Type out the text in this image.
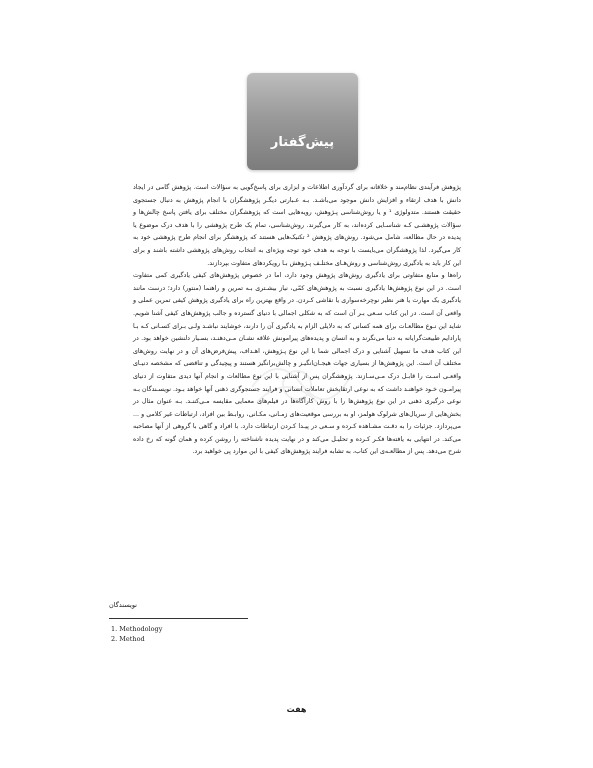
پیش‌گفتار

پژوهش فرآیندی نظام‌مند و خلاقانه برای گردآوری اطلاعات و ابزاری برای پاسخ‌گویی به سؤالات است. پژوهش گامی در ایجاد دانش با هدف ارتقاء و افزایش دانش موجود می‌باشـد. بـه عـبارتی دیگـر پژوهشگران با انجام پژوهش به دنبال جستجوی حقیقت هستند. متدولوژی ¹ و یا روش‌شناسی پـژوهش، رویه‌هایی است که پژوهشگران مختلف برای یافتن پاسخ چالش‌ها و سؤالات پژوهشـی کـه شناسـایی کرده‌اند، به کار می‌گیرند. روش‌شناسی، تمام یک طرح پژوهشی را با هدف درک موضوع یا پدیده در حال مطالعه، شامل می‌شود. روش‌های پژوهش ² تکنیک‌هایی هستند که پژوهشگر برای انجام طرح پژوهشی خود به کار می‌گیرد. لذا پژوهشگران می‌بایست با توجه به هدف خود توجه ویژه‌ای به انتخاب روش‌های پژوهشی داشته باشند و برای این کار باید به یادگیری روش‌شناسی و روش‌هـای مختلـف پـژوهش بـا رویکردهای متفاوت بپردازند.

راه‌ها و منابع متفاوتی برای یادگیری روش‌های پژوهش وجود دارد، اما در خصوص پژوهش‌های کیفی یادگیری کمی متفاوت است. در این نوع پژوهش‌ها یادگیری نسبت به پژوهش‌های کمّی، نیاز بیشـتری بـه تمرین و راهنما (منتور) دارد؛ درست مانند یادگیری یک مهارت یا هنر نظیر نوچرخه‌سواری یا نقاشی کـردن. در واقع بهترین راه برای یادگیری پژوهش کیفی تمرین عملی و واقعی آن است. در این کتاب سـعی بـر آن است که به شکلی اجمالی با دنیای گسترده و جالب پژوهش‌های کیفی آشنا شویم. شاید این نـوع مطالعـات برای همه کسانی که به دلایلی الزام به یادگیری آن را دارند، خوشایند نباشـد ولـی بـرای کسـانی کـه بـا پارادایم طبیعت‌گرایانه به دنیا می‌نگرند و به انسان و پدیده‌های پیرامونش علاقه نشـان مـی‌دهنـد، بسـیار دلنشین خواهد بود. در این کتاب هدف ما تسهیل آشنایی و درک اجمالی شما با این نوع پـژوهش، اهـداف، پیش‌فرض‌های آن و در نهایت روش‌های مختلف آن است. این پژوهش‌ها از بسیاری جهات هیجـان‌انگیـز و چالش‌برانگیز هستند و پیچیدگی و تناقضی که مشخصه دنیـای واقعـی اسـت را قابـل درک مـی‌سـازند. پژوهشگران پس از آشنایی با این نوع مطالعات و انجام آنها دیدی متفاوت از دنیای پیرامـون خـود خواهنـد داشت که به نوعی ارتقابخش تعاملات انسانی و فرایند جستجوگری ذهنی آنها خواهد بـود. نویسـندگان بـه نوعی درگیری ذهنی در این نوع پژوهش‌ها را با روش کارآگاه‌ها در فیلم‌های معمایی مقایسه مـی‌کننـد. بـه عنوان مثال در بخش‌هایی از سریال‌های شرلوک هولمز، او به بررسی موقعیت‌های زمـانی، مکـانی، روابـط بین افراد، ارتباطات غیر کلامی و ... می‌پردازد. جزئیات را به دقـت مشـاهده کـرده و سـعی در پیـدا کـردن ارتباطات دارد. با افراد و گاهی با گروهی از آنها مصاحبه می‌کند. در انتهایی به یافته‌ها فکـر کـرده و تحلیـل می‌کند و در نهایت پدیده ناشناخته را روشن کرده و همان گونه که رخ داده شرح می‌دهد. پس از مطالعـه‌ی این کتاب، به تشابه فرایند پژوهش‌های کیفی با این موارد پی خواهید برد.

نویسندگان
1. Methodology
2. Method
هفت
